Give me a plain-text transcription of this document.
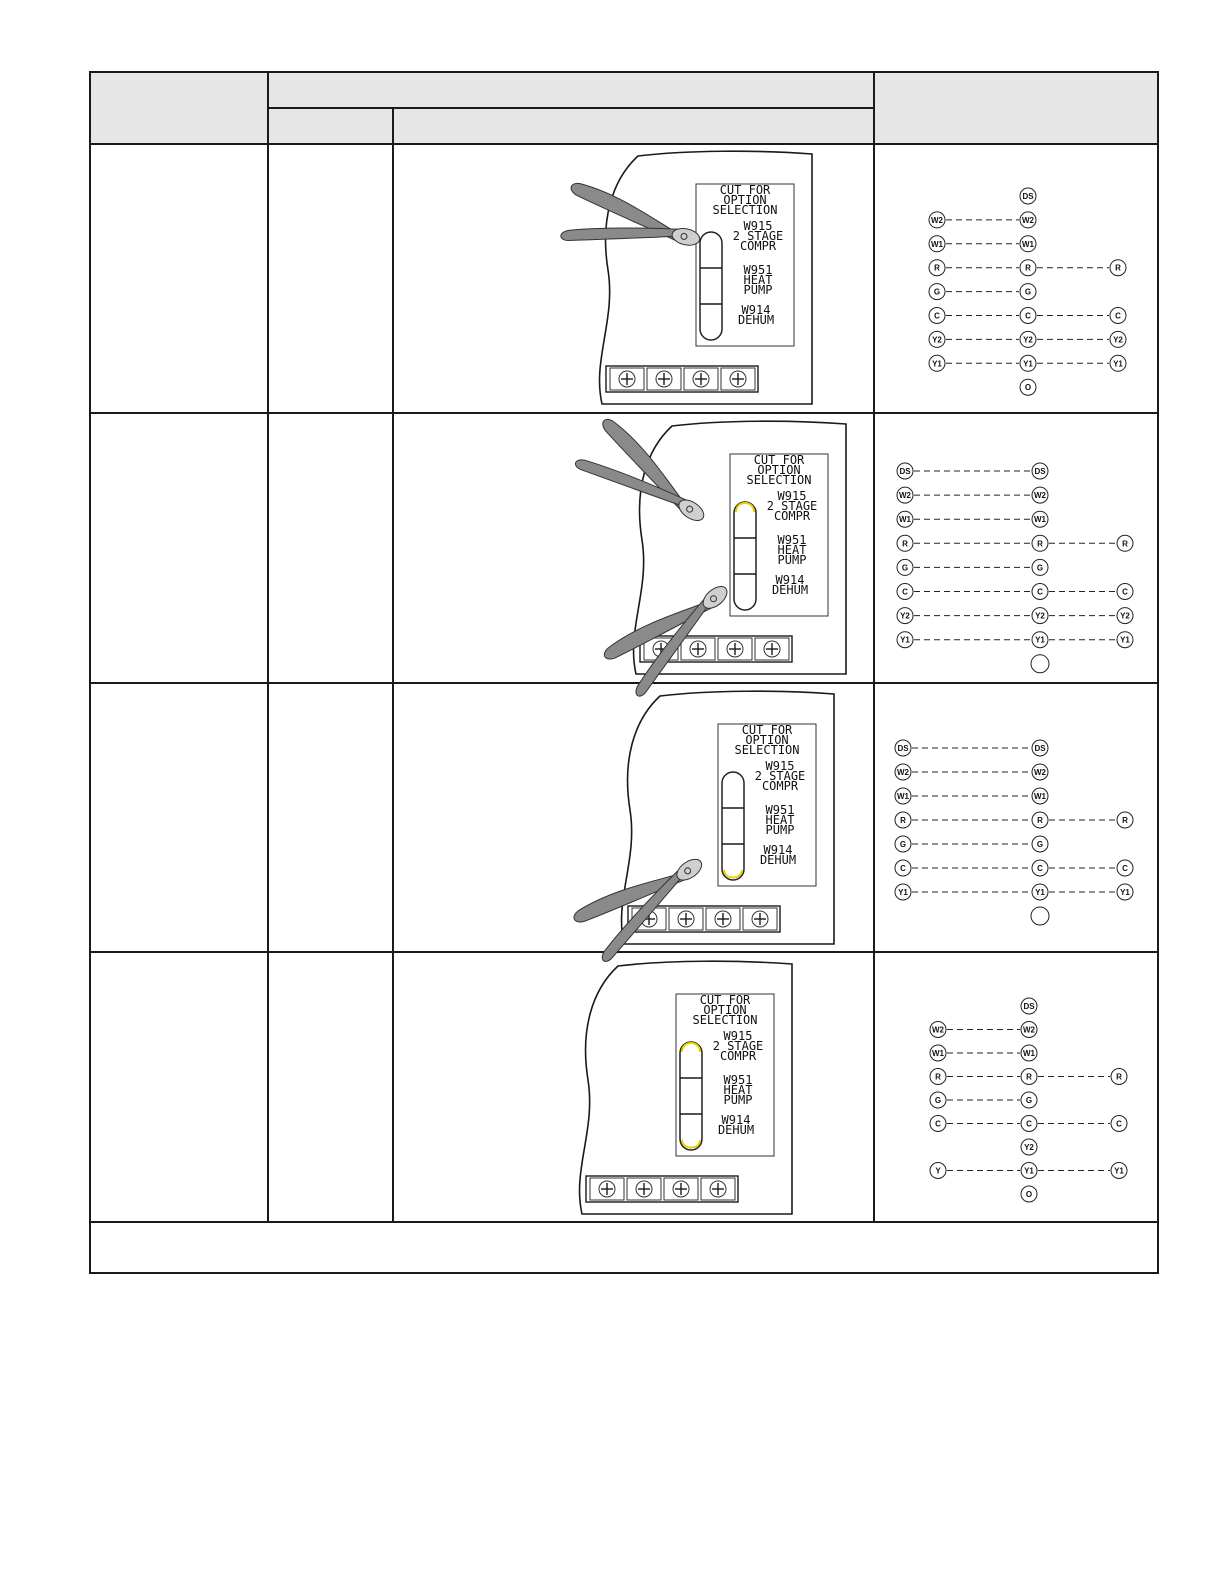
CUT FOR
OPTION
SELECTION
W915
2 STAGE
COMPR
W951
HEAT
PUMP
W914
DEHUM
CUT FOR
OPTION
SELECTION
W915
2 STAGE
COMPR
W951
HEAT
PUMP
W914
DEHUM
CUT FOR
OPTION
SELECTION
W915
2 STAGE
COMPR
W951
HEAT
PUMP
W914
DEHUM
CUT FOR
OPTION
SELECTION
W915
2 STAGE
COMPR
W951
HEAT
PUMP
W914
DEHUM
DS
W2	W2
W1	W1
R	R	R
G	G
C	C	C
Y2	Y2	Y2
Y1	Y1	Y1
O
DS	DS
W2	W2
W1	W1
R	R	R
G	G
C	C	C
Y2	Y2	Y2
Y1	Y1	Y1
DS	DS
W2	W2
W1	W1
R	R	R
G	G
C	C	C
Y1	Y1	Y1
DS
W2	W2
W1	W1
R	R	R
G	G
C	C	C
Y2
Y	Y1	Y1
O
